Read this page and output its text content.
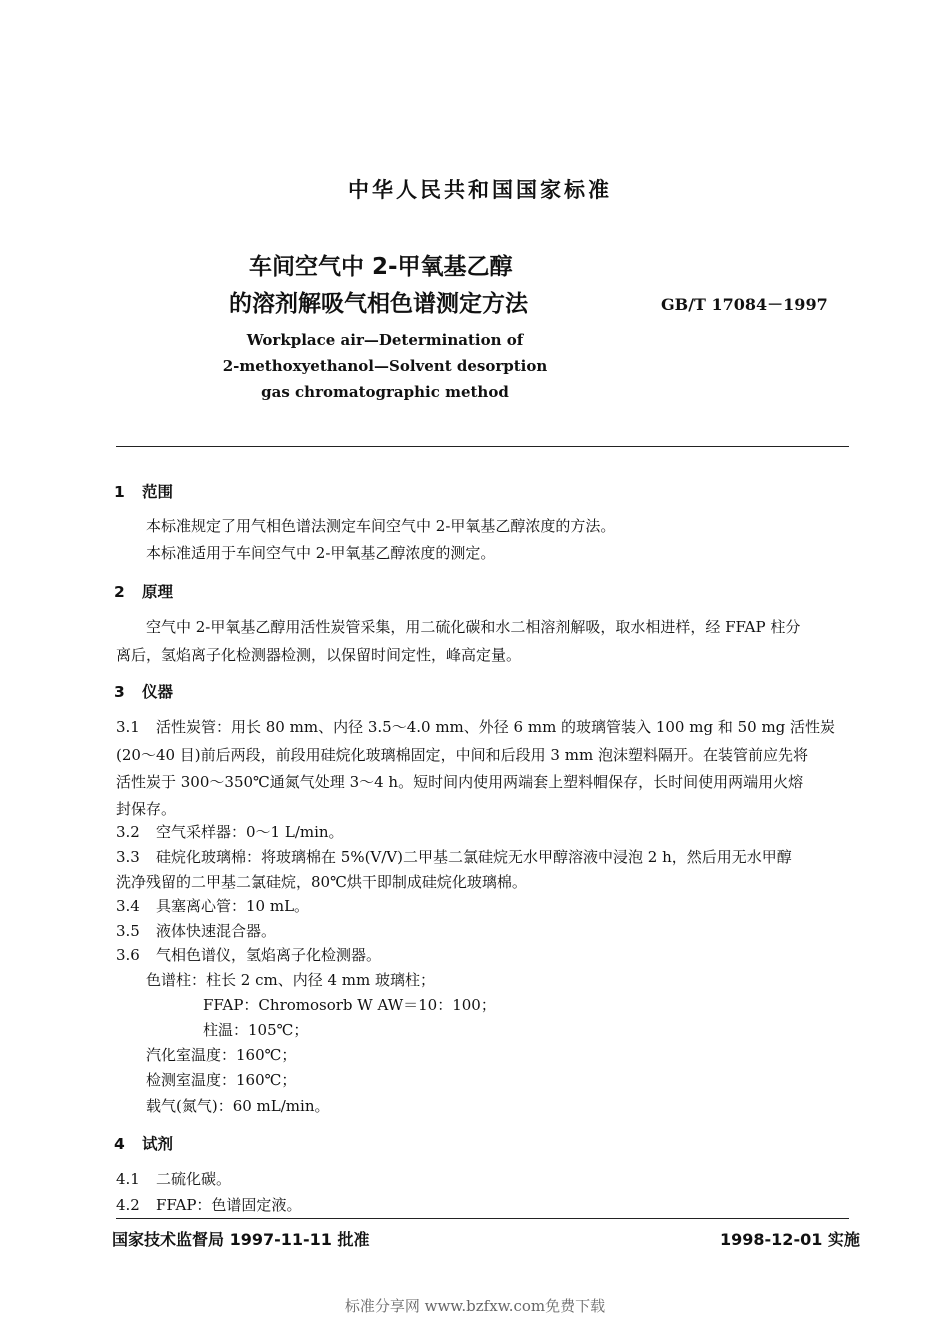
中华人民共和国国家标准
车间空气中 2-甲氧基乙醇
的溶剂解吸气相色谱测定方法	GB/T 17084－1997
Workplace air—Determination of
2-methoxyethanol—Solvent desorption
gas chromatographic method
1 范围
本标准规定了用气相色谱法测定车间空气中 2-甲氧基乙醇浓度的方法。
本标准适用于车间空气中 2-甲氧基乙醇浓度的测定。
2 原理
空气中 2-甲氧基乙醇用活性炭管采集，用二硫化碳和水二相溶剂解吸，取水相进样，经 FFAP 柱分
离后，氢焰离子化检测器检测，以保留时间定性，峰高定量。
3 仪器
3.1 活性炭管：用长 80 mm、内径 3.5～4.0 mm、外径 6 mm 的玻璃管装入 100 mg 和 50 mg 活性炭
(20～40 目)前后两段，前段用硅烷化玻璃棉固定，中间和后段用 3 mm 泡沫塑料隔开。在装管前应先将
活性炭于 300～350℃通氮气处理 3～4 h。短时间内使用两端套上塑料帽保存，长时间使用两端用火熔
封保存。
3.2 空气采样器：0～1 L/min。
3.3 硅烷化玻璃棉：将玻璃棉在 5%(V/V)二甲基二氯硅烷无水甲醇溶液中浸泡 2 h，然后用无水甲醇
洗净残留的二甲基二氯硅烷，80℃烘干即制成硅烷化玻璃棉。
3.4 具塞离心管：10 mL。
3.5 液体快速混合器。
3.6 气相色谱仪，氢焰离子化检测器。
色谱柱：柱长 2 cm、内径 4 mm 玻璃柱；
FFAP：Chromosorb W AW＝10：100；
柱温：105℃；
汽化室温度：160℃；
检测室温度：160℃；
载气(氮气)：60 mL/min。
4 试剂
4.1 二硫化碳。
4.2 FFAP：色谱固定液。
国家技术监督局 1997-11-11 批准	1998-12-01 实施
标准分享网 www.bzfxw.com免费下载
